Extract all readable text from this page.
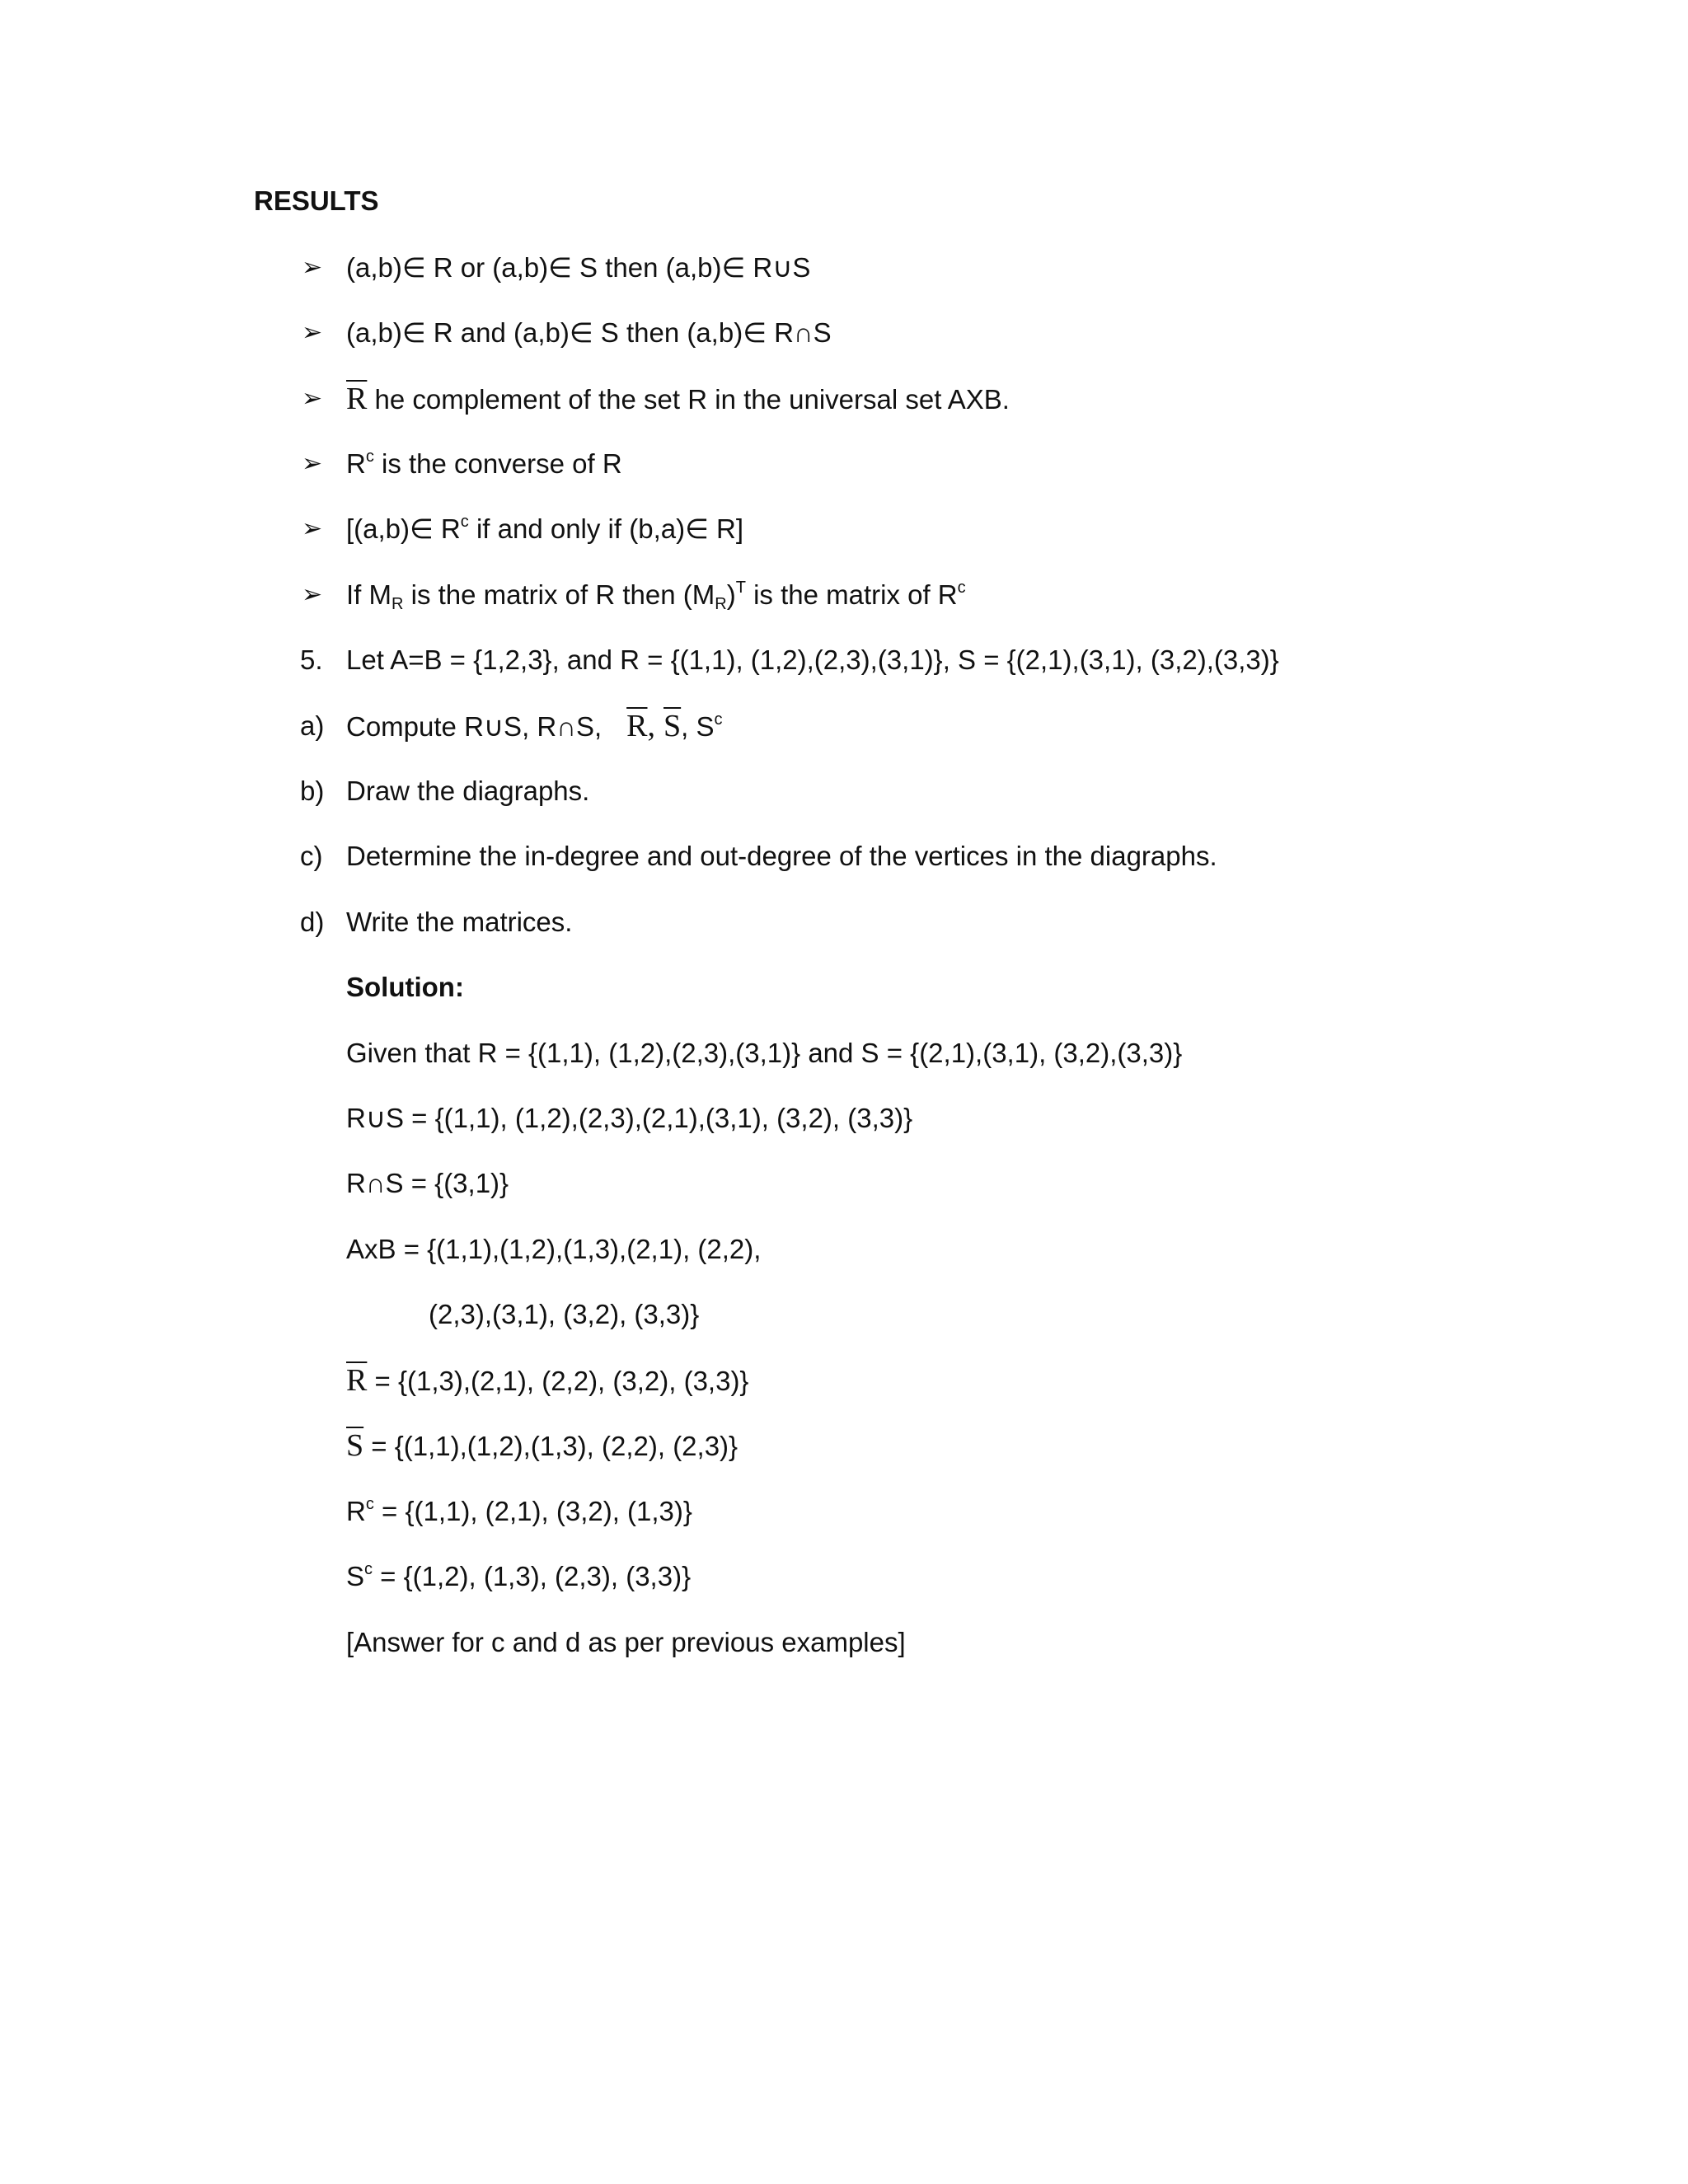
RESULTS
➢ (a,b)∈ R or (a,b)∈ S then (a,b)∈ R∪S
➢ (a,b)∈ R and (a,b)∈ S then (a,b)∈ R∩S
➢ $\overline{R}$ he complement of the set R in the universal set AXB.
➢ $R^c$ is the converse of R
➢ [(a,b)∈ $R^c$ if and only if (b,a)∈ R]
➢ If $M_R$ is the matrix of R then $(M_R)^T$ is the matrix of $R^c$
5. Let A=B = {1,2,3}, and R = {(1,1), (1,2),(2,3),(3,1)}, S = {(2,1),(3,1), (3,2),(3,3)}
a) Compute R∪S, R∩S, $\overline{R}$, $\overline{S}$, $S^c$
b) Draw the diagraphs.
c) Determine the in-degree and out-degree of the vertices in the diagraphs.
d) Write the matrices.
Solution:
Given that R = {(1,1), (1,2),(2,3),(3,1)} and S = {(2,1),(3,1), (3,2),(3,3)}
R∪S = {(1,1), (1,2),(2,3),(2,1),(3,1), (3,2), (3,3)}
R∩S = {(3,1)}
AxB = {(1,1),(1,2),(1,3),(2,1), (2,2),
(2,3),(3,1), (3,2), (3,3)}
$\overline{R} = \{(1,3),(2,1)$, (2,2), (3,2), (3,3)}
$\overline{S} = \{(1,1),(1,2),(1,3)$, (2,2), (2,3)}
$R^c = \{(1,1)$, (2,1), (3,2), (1,3)}
$S^c = \{(1,2)$, (1,3), (2,3), (3,3)}
[Answer for c and d as per previous examples]
